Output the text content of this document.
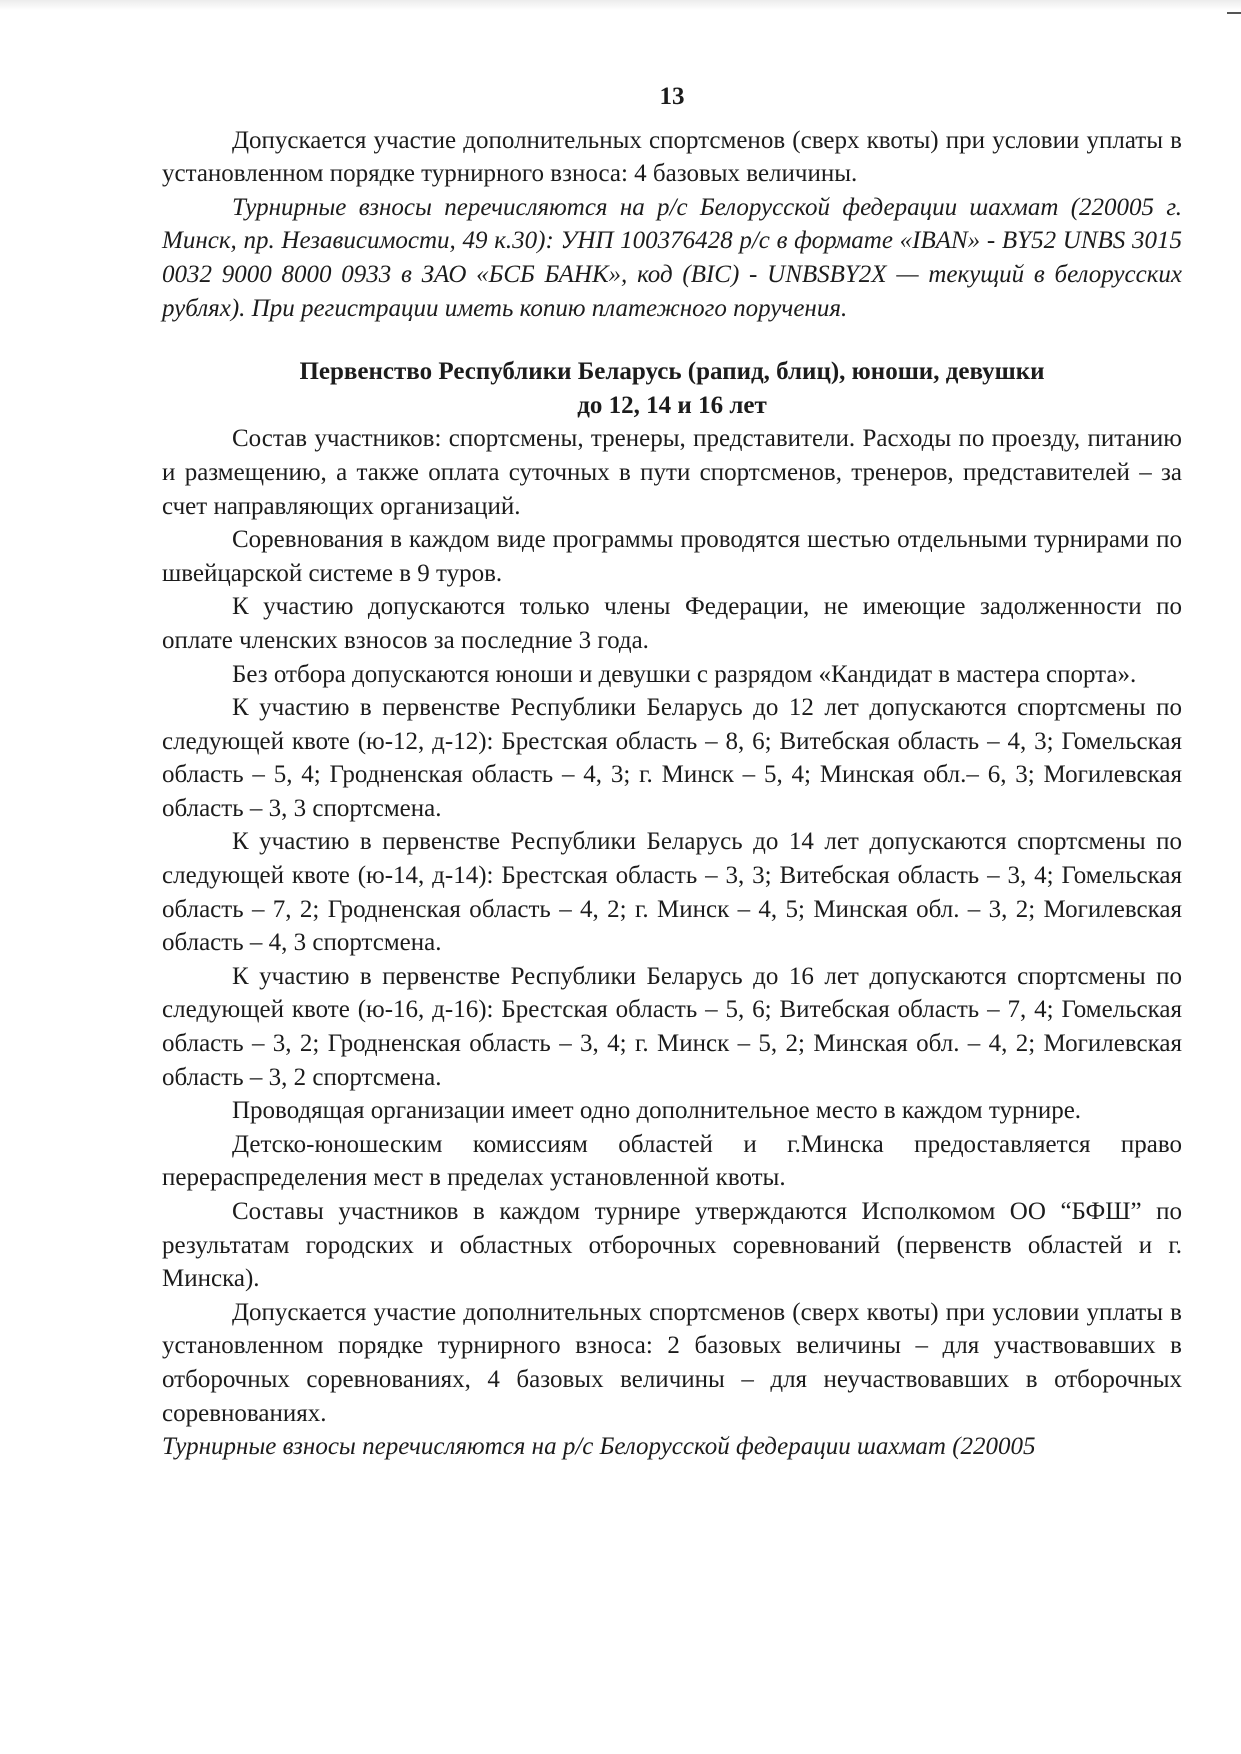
13

Допускается участие дополнительных спортсменов (сверх квоты) при условии уплаты в установленном порядке турнирного взноса: 4 базовых величины.

Турнирные взносы перечисляются на р/с Белорусской федерации шахмат (220005 г. Минск, пр. Независимости, 49 к.30): УНП 100376428 р/с в формате «IBAN» - BY52 UNBS 3015 0032 9000 8000 0933 в ЗАО «БСБ БАНК», код (BIC) - UNBSBY2X — текущий в белорусских рублях). При регистрации иметь копию платежного поручения.

Первенство Республики Беларусь (рапид, блиц), юноши, девушки
до 12, 14 и 16 лет

Состав участников: спортсмены, тренеры, представители. Расходы по проезду, питанию и размещению, а также оплата суточных в пути спортсменов, тренеров, представителей – за счет направляющих организаций.

Соревнования в каждом виде программы проводятся шестью отдельными турнирами по швейцарской системе в 9 туров.

К участию допускаются только члены Федерации, не имеющие задолженности по оплате членских взносов за последние 3 года.

Без отбора допускаются юноши и девушки с разрядом «Кандидат в мастера спорта».

К участию в первенстве Республики Беларусь до 12 лет допускаются спортсмены по следующей квоте (ю-12, д-12): Брестская область – 8, 6; Витебская область – 4, 3; Гомельская область – 5, 4; Гродненская область – 4, 3; г. Минск – 5, 4; Минская обл.– 6, 3; Могилевская область – 3, 3 спортсмена.

К участию в первенстве Республики Беларусь до 14 лет допускаются спортсмены по следующей квоте (ю-14, д-14): Брестская область – 3, 3; Витебская область – 3, 4; Гомельская область – 7, 2; Гродненская область – 4, 2; г. Минск – 4, 5; Минская обл. – 3, 2; Могилевская область – 4, 3 спортсмена.

К участию в первенстве Республики Беларусь до 16 лет допускаются спортсмены по следующей квоте (ю-16, д-16): Брестская область – 5, 6; Витебская область – 7, 4; Гомельская область – 3, 2; Гродненская область – 3, 4; г. Минск – 5, 2; Минская обл. – 4, 2; Могилевская область – 3, 2 спортсмена.

Проводящая организации имеет одно дополнительное место в каждом турнире.

Детско-юношеским комиссиям областей и г.Минска предоставляется право перераспределения мест в пределах установленной квоты.

Составы участников в каждом турнире утверждаются Исполкомом ОО “БФШ” по результатам городских и областных отборочных соревнований (первенств областей и г. Минска).

Допускается участие дополнительных спортсменов (сверх квоты) при условии уплаты в установленном порядке турнирного взноса: 2 базовых величины – для участвовавших в отборочных соревнованиях, 4 базовых величины – для неучаствовавших в отборочных соревнованиях.

Турнирные взносы перечисляются на р/с Белорусской федерации шахмат (220005
